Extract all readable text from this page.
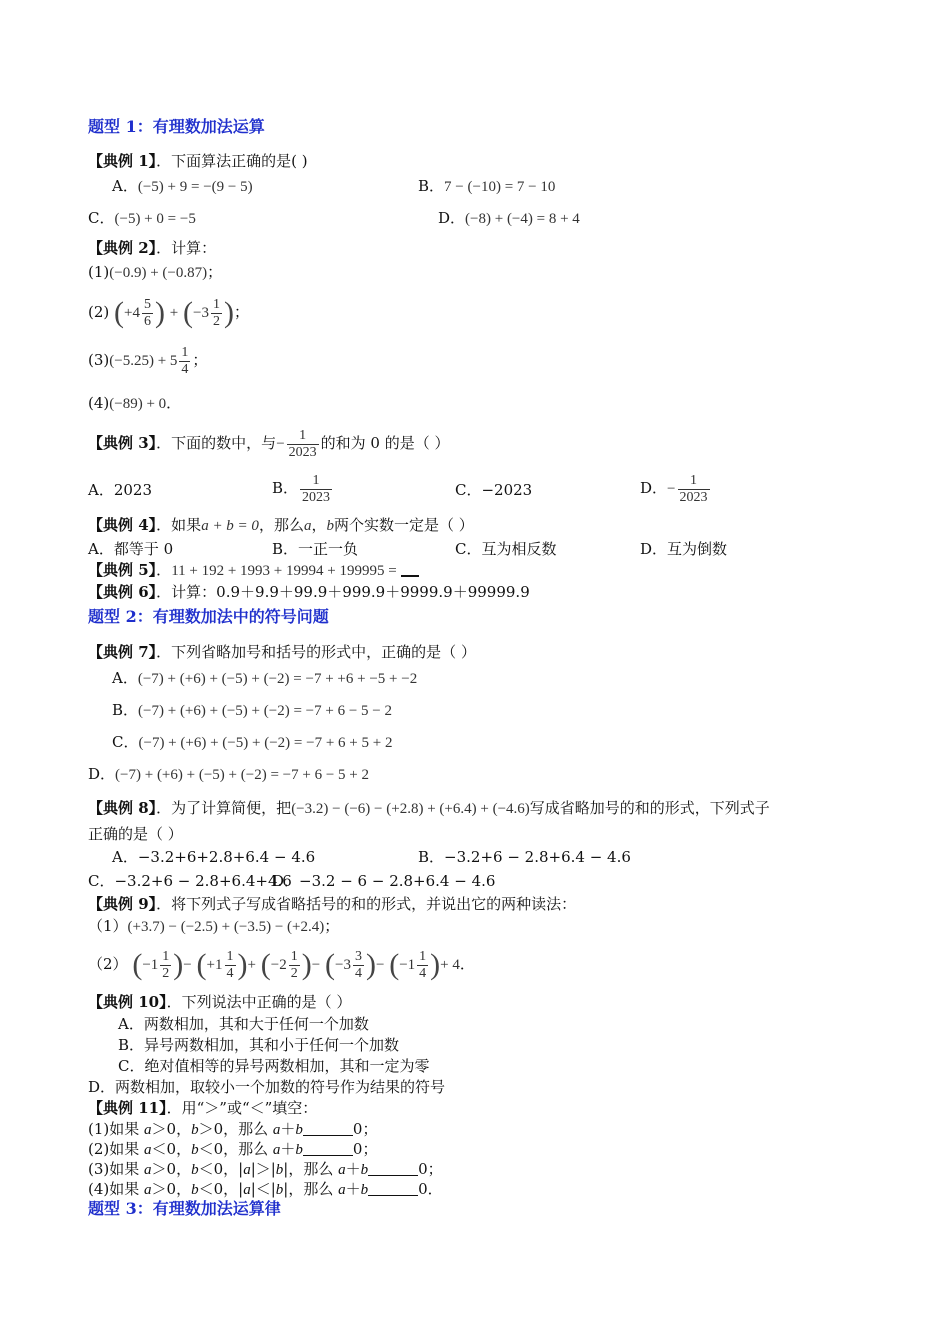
题型 1：有理数加法运算
【典例 1】．下面算法正确的是( )
A．(−5) + 9 = −(9 − 5)	B．7 − (−10) = 7 − 10
C．(−5) + 0 = −5	D．(−8) + (−4) = 8 + 4
【典例 2】．计算：
(1)(−0.9) + (−0.87)；
(2) ( $+4 \frac{5}{6}$ ) + ( $-3 \frac{1}{2}$ ) ；
$(3)(-5.25) + 5 \frac{1}{4}$ ；
(4)(−89) + 0．
【典例 3】．下面的数中，与− $\frac{1}{2023}$ 的和为 0 的是（ ）
A．2023	B． $\frac{1}{2023}$	C．−2023	D．− $\frac{1}{2023}$
【典例 4】．如果a + b = 0，那么a，b两个实数一定是（ ）
A．都等于 0	B．一正一负	C．互为相反数	D．互为倒数
【典例 5】．11 + 192 + 1993 + 19994 + 199995 =
【典例 6】．计算：0.9＋9.9＋99.9＋999.9＋9999.9＋99999.9
题型 2：有理数加法中的符号问题
【典例 7】．下列省略加号和括号的形式中，正确的是（ ）
A．(−7) + (+6) + (−5) + (−2) = −7 + +6 + −5 + −2
B．(−7) + (+6) + (−5) + (−2) = −7 + 6 − 5 − 2
C．(−7) + (+6) + (−5) + (−2) = −7 + 6 + 5 + 2
D．(−7) + (+6) + (−5) + (−2) = −7 + 6 − 5 + 2
【典例 8】．为了计算简便，把(−3.2) − (−6) − (+2.8) + (+6.4) + (−4.6)写成省略加号的和的形式，下列式子
正确的是（ ）
A．−3.2+6+2.8+6.4 − 4.6	B．−3.2+6 − 2.8+6.4 − 4.6
C．−3.2+6 − 2.8+6.4+4.6
D．−3.2 − 6 − 2.8+6.4 − 4.6
【典例 9】．将下列式子写成省略括号的和的形式，并说出它的两种读法：
（1）(+3.7) − (−2.5) + (−3.5) − (+2.4)；
（2） ( $-1 \frac{1}{2}$ ) − ( $+1 \frac{1}{4}$ ) + ( $-2 \frac{1}{2}$ ) − ( $-3 \frac{3}{4}$ ) − ( $-1 \frac{1}{4}$ ) + 4．
【典例 10】．下列说法中正确的是（ ）
A．两数相加，其和大于任何一个加数
B．异号两数相加，其和小于任何一个加数
C．绝对值相等的异号两数相加，其和一定为零
D．两数相加，取较小一个加数的符号作为结果的符号
【典例 11】．用“＞”或“＜”填空：
(1)如果 a＞0，b＞0，那么 a＋b	0；
(2)如果 a＜0，b＜0，那么 a＋b	0；
(3)如果 a＞0，b＜0，|a|＞|b|，那么 a＋b	0；
(4)如果 a＞0，b＜0，|a|＜|b|，那么 a＋b	0．
题型 3：有理数加法运算律
